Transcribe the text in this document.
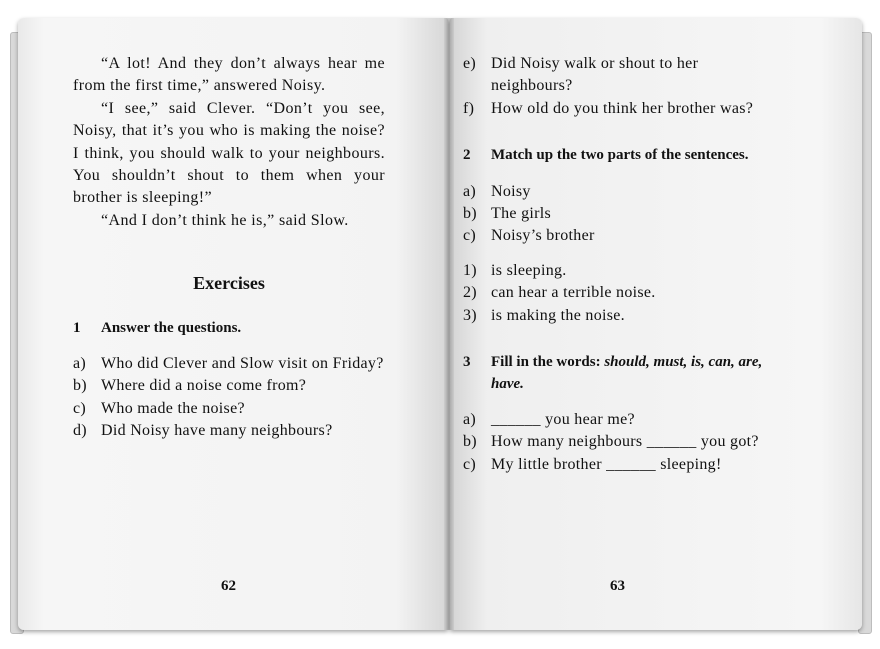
“A lot! And they don’t always hear me from the first time,” answered Noisy.

“I see,” said Clever. “Don’t you see, Noisy, that it’s you who is making the noise? I think, you should walk to your neighbours. You shouldn’t shout to them when your brother is sleeping!”

“And I don’t think he is,” said Slow.

Exercises

1	Answer the questions.
a) Who did Clever and Slow visit on Friday?
b) Where did a noise come from?
c) Who made the noise?
d) Did Noisy have many neighbours?
62
e) Did Noisy walk or shout to her neighbours?
f)	How old do you think her brother was?
2	Match up the two parts of the sentences.
a) Noisy
b) The girls
c) Noisy’s brother
1) is sleeping.
2) can hear a terrible noise.
3) is making the noise.
3	Fill in the words: should, must, is, can, are, have.
a) ______ you hear me?
b) How many neighbours ______ you got?
c) My little brother ______ sleeping!
63
